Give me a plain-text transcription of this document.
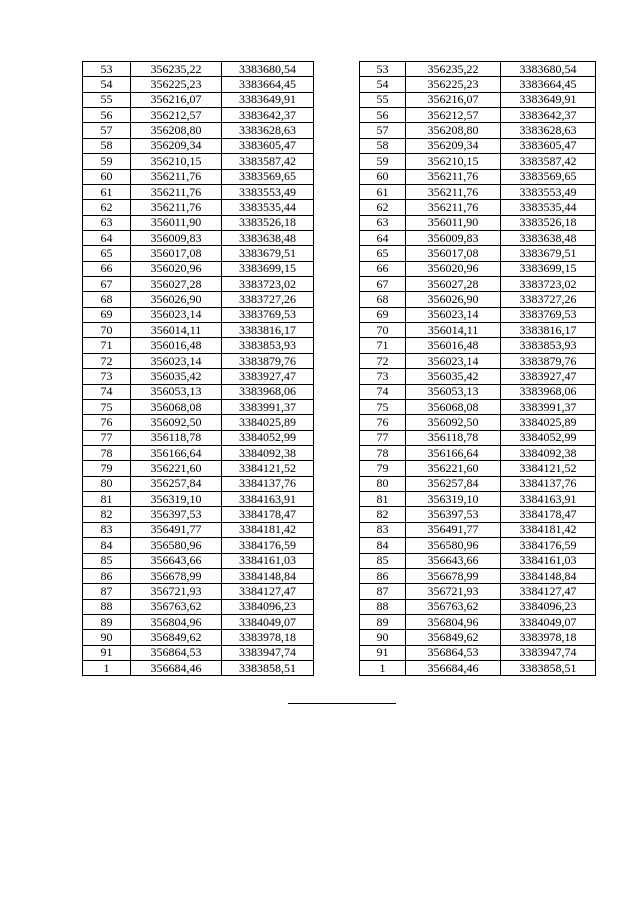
53	356235,22	3383680,54		53	356235,22	3383680,54
54	356225,23	3383664,45		54	356225,23	3383664,45
55	356216,07	3383649,91		55	356216,07	3383649,91
56	356212,57	3383642,37		56	356212,57	3383642,37
57	356208,80	3383628,63		57	356208,80	3383628,63
58	356209,34	3383605,47		58	356209,34	3383605,47
59	356210,15	3383587,42		59	356210,15	3383587,42
60	356211,76	3383569,65		60	356211,76	3383569,65
61	356211,76	3383553,49		61	356211,76	3383553,49
62	356211,76	3383535,44		62	356211,76	3383535,44
63	356011,90	3383526,18		63	356011,90	3383526,18
64	356009,83	3383638,48		64	356009,83	3383638,48
65	356017,08	3383679,51		65	356017,08	3383679,51
66	356020,96	3383699,15		66	356020,96	3383699,15
67	356027,28	3383723,02		67	356027,28	3383723,02
68	356026,90	3383727,26		68	356026,90	3383727,26
69	356023,14	3383769,53		69	356023,14	3383769,53
70	356014,11	3383816,17		70	356014,11	3383816,17
71	356016,48	3383853,93		71	356016,48	3383853,93
72	356023,14	3383879,76		72	356023,14	3383879,76
73	356035,42	3383927,47		73	356035,42	3383927,47
74	356053,13	3383968,06		74	356053,13	3383968,06
75	356068,08	3383991,37		75	356068,08	3383991,37
76	356092,50	3384025,89		76	356092,50	3384025,89
77	356118,78	3384052,99		77	356118,78	3384052,99
78	356166,64	3384092,38		78	356166,64	3384092,38
79	356221,60	3384121,52		79	356221,60	3384121,52
80	356257,84	3384137,76		80	356257,84	3384137,76
81	356319,10	3384163,91		81	356319,10	3384163,91
82	356397,53	3384178,47		82	356397,53	3384178,47
83	356491,77	3384181,42		83	356491,77	3384181,42
84	356580,96	3384176,59		84	356580,96	3384176,59
85	356643,66	3384161,03		85	356643,66	3384161,03
86	356678,99	3384148,84		86	356678,99	3384148,84
87	356721,93	3384127,47		87	356721,93	3384127,47
88	356763,62	3384096,23		88	356763,62	3384096,23
89	356804,96	3384049,07		89	356804,96	3384049,07
90	356849,62	3383978,18		90	356849,62	3383978,18
91	356864,53	3383947,74		91	356864,53	3383947,74
1	356684,46	3383858,51		1	356684,46	3383858,51
